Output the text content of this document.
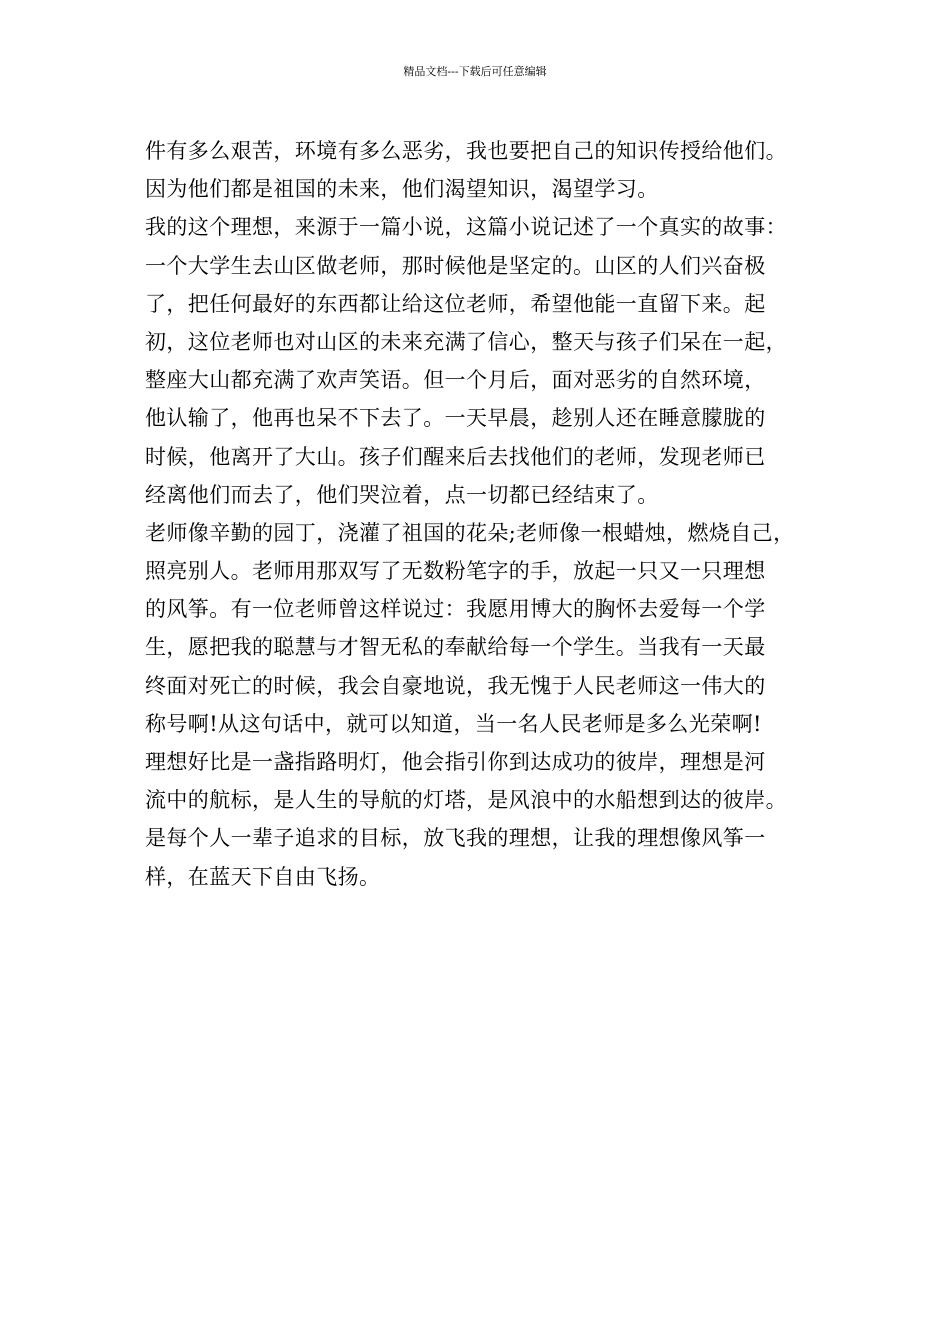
精品文档---下载后可任意编辑
件有多么艰苦，环境有多么恶劣，我也要把自己的知识传授给他们。
因为他们都是祖国的未来，他们渴望知识，渴望学习。
我的这个理想，来源于一篇小说，这篇小说记述了一个真实的故事：
一个大学生去山区做老师，那时候他是坚定的。山区的人们兴奋极
了，把任何最好的东西都让给这位老师，希望他能一直留下来。起
初，这位老师也对山区的未来充满了信心，整天与孩子们呆在一起，
整座大山都充满了欢声笑语。但一个月后，面对恶劣的自然环境，
他认输了，他再也呆不下去了。一天早晨，趁别人还在睡意朦胧的
时候，他离开了大山。孩子们醒来后去找他们的老师，发现老师已
经离他们而去了，他们哭泣着，点一切都已经结束了。
老师像辛勤的园丁，浇灌了祖国的花朵;老师像一根蜡烛，燃烧自己，
照亮别人。老师用那双写了无数粉笔字的手，放起一只又一只理想
的风筝。有一位老师曾这样说过：我愿用博大的胸怀去爱每一个学
生，愿把我的聪慧与才智无私的奉献给每一个学生。当我有一天最
终面对死亡的时候，我会自豪地说，我无愧于人民老师这一伟大的
称号啊!从这句话中，就可以知道，当一名人民老师是多么光荣啊!
理想好比是一盏指路明灯，他会指引你到达成功的彼岸，理想是河
流中的航标，是人生的导航的灯塔，是风浪中的水船想到达的彼岸。
是每个人一辈子追求的目标，放飞我的理想，让我的理想像风筝一
样，在蓝天下自由飞扬。
